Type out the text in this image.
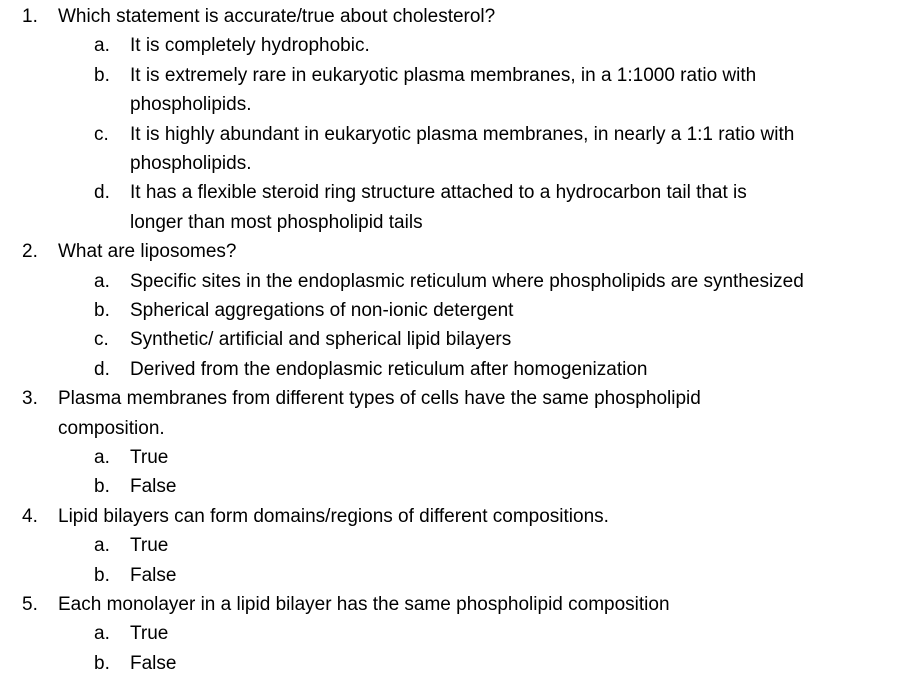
1. Which statement is accurate/true about cholesterol?
a. It is completely hydrophobic.
b. It is extremely rare in eukaryotic plasma membranes, in a 1:1000 ratio with
phospholipids.
c. It is highly abundant in eukaryotic plasma membranes, in nearly a 1:1 ratio with
phospholipids.
d. It has a flexible steroid ring structure attached to a hydrocarbon tail that is
longer than most phospholipid tails
2. What are liposomes?
a. Specific sites in the endoplasmic reticulum where phospholipids are synthesized
b. Spherical aggregations of non-ionic detergent
c. Synthetic/ artificial and spherical lipid bilayers
d. Derived from the endoplasmic reticulum after homogenization
3. Plasma membranes from different types of cells have the same phospholipid
composition.
a. True
b. False
4. Lipid bilayers can form domains/regions of different compositions.
a. True
b. False
5. Each monolayer in a lipid bilayer has the same phospholipid composition
a. True
b. False
